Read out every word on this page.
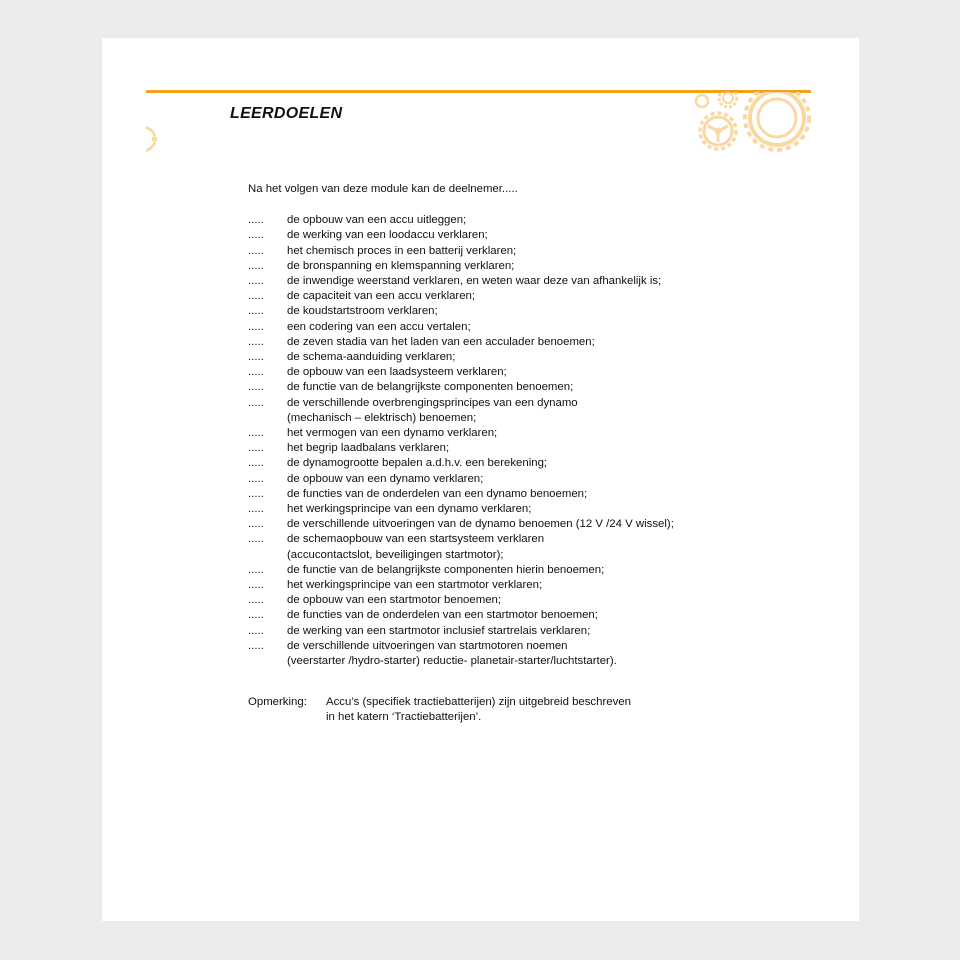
LEERDOELEN
Na het volgen van deze module kan de deelnemer.....
.....	de opbouw van een accu uitleggen;
.....	de werking van een loodaccu verklaren;
.....	het chemisch proces in een batterij verklaren;
.....	de bronspanning en klemspanning verklaren;
.....	de inwendige weerstand verklaren, en weten waar deze van afhankelijk is;
.....	de capaciteit van een accu verklaren;
.....	de koudstartstroom verklaren;
.....	een codering van een accu vertalen;
.....	de zeven stadia van het laden van een acculader benoemen;
.....	de schema-aanduiding verklaren;
.....	de opbouw van een laadsysteem verklaren;
.....	de functie van de belangrijkste componenten benoemen;
.....	de verschillende overbrengingsprincipes van een dynamo
(mechanisch – elektrisch) benoemen;
.....	het vermogen van een dynamo verklaren;
.....	het begrip laadbalans verklaren;
.....	de dynamogrootte bepalen a.d.h.v. een berekening;
.....	de opbouw van een dynamo verklaren;
.....	de functies van de onderdelen van een dynamo benoemen;
.....	het werkingsprincipe van een dynamo verklaren;
.....	de verschillende uitvoeringen van de dynamo benoemen (12 V /24 V wissel);
.....	de schemaopbouw van een startsysteem verklaren
(accucontactslot, beveiligingen startmotor);
.....	de functie van de belangrijkste componenten hierin benoemen;
.....	het werkingsprincipe van een startmotor verklaren;
.....	de opbouw van een startmotor benoemen;
.....	de functies van de onderdelen van een startmotor benoemen;
.....	de werking van een startmotor inclusief startrelais verklaren;
.....	de verschillende uitvoeringen van startmotoren noemen
(veerstarter /hydro-starter) reductie- planetair-starter/luchtstarter).
Opmerking:	Accu’s (specifiek tractiebatterijen) zijn uitgebreid beschreven
in het katern ‘Tractiebatterijen’.
